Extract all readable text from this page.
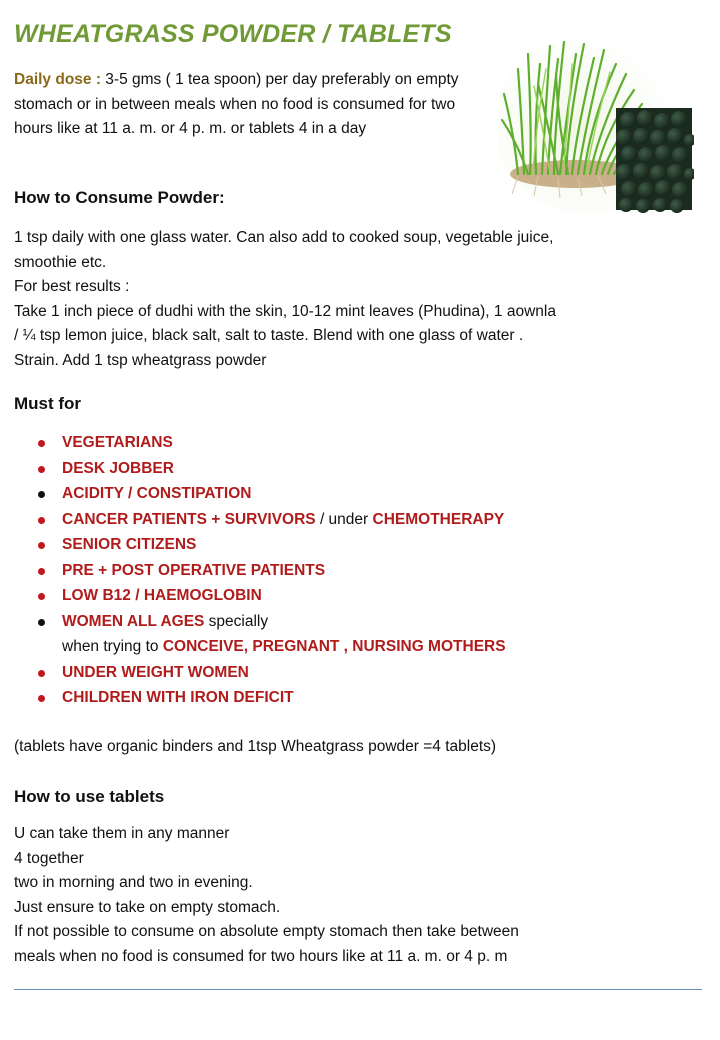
WHEATGRASS POWDER / TABLETS
Daily dose : 3-5 gms ( 1 tea spoon) per day preferably on empty stomach or in between meals when no food is consumed for two hours like at 11 a. m. or 4 p. m. or tablets 4 in a day
How to Consume Powder:
1 tsp daily with one glass water. Can also add to cooked soup, vegetable juice,
smoothie etc.
For best results :
Take 1 inch piece of dudhi with the skin, 10-12 mint leaves (Phudina), 1 aownla
/ ¼ tsp lemon juice, black salt, salt to taste. Blend with one glass of water .
Strain. Add 1 tsp wheatgrass powder
Must for
VEGETARIANS
DESK JOBBER
ACIDITY / CONSTIPATION
CANCER PATIENTS + SURVIVORS / under CHEMOTHERAPY
SENIOR CITIZENS
PRE + POST OPERATIVE PATIENTS
LOW B12 / HAEMOGLOBIN
WOMEN ALL AGES specially
when trying to CONCEIVE, PREGNANT , NURSING MOTHERS
UNDER WEIGHT WOMEN
CHILDREN WITH IRON DEFICIT
(tablets have organic binders and 1tsp Wheatgrass powder =4 tablets)
How to use tablets
U can take them in any manner
4 together
two in morning and two in evening.
Just ensure to take on empty stomach.
If not possible to consume on absolute empty stomach then take between
meals when no food is consumed for two hours like at 11 a. m. or 4 p. m
